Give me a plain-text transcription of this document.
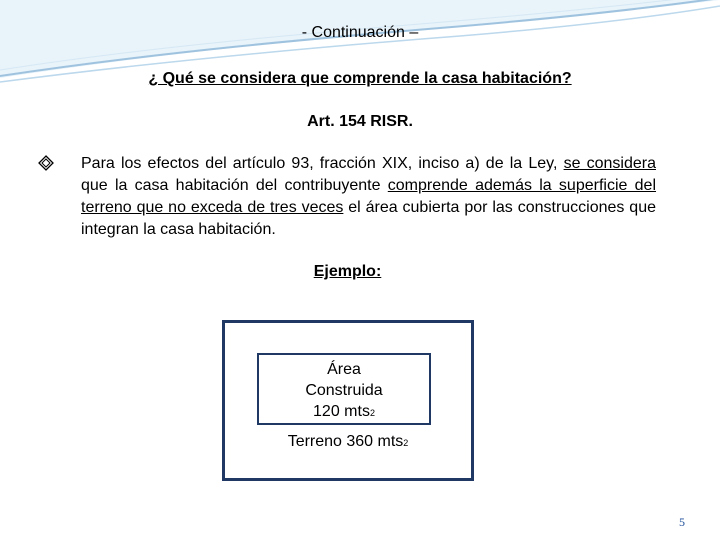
- Continuación –
¿ Qué se considera que comprende la casa habitación?
Art. 154 RISR.
Para los efectos del artículo 93, fracción XIX, inciso a) de la Ley, se considera que la casa habitación del contribuyente comprende además la superficie del terreno que no exceda de tres veces el área cubierta por las construcciones que integran la casa habitación.
Ejemplo:
Área
Construida
120 mts2
Terreno 360 mts2
5
